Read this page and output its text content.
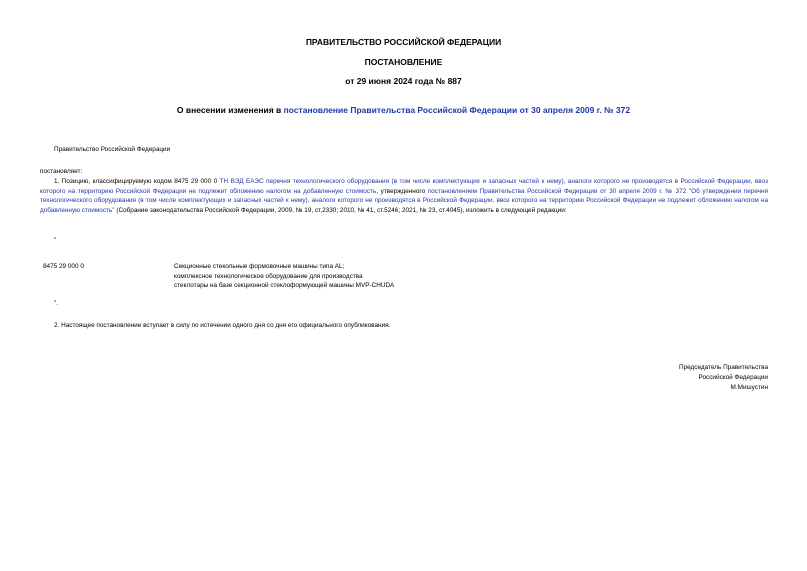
ПРАВИТЕЛЬСТВО РОССИЙСКОЙ ФЕДЕРАЦИИ
ПОСТАНОВЛЕНИЕ
от 29 июня 2024 года № 887
О внесении изменения в постановление Правительства Российской Федерации от 30 апреля 2009 г. № 372
Правительство Российской Федерации
постановляет:
1. Позицию, классифицируемую кодом 8475 29 000 0 ТН ВЭД ЕАЭС перечня технологического оборудования (в том числе комплектующих и запасных частей к нему), аналоги которого не производятся в Российской Федерации, ввоз которого на территорию Российской Федерации не подлежит обложению налогом на добавленную стоимость, утвержденного постановлением Правительства Российской Федерации от 30 апреля 2009 г. № 372 "Об утверждении перечня технологического оборудования (в том числе комплектующих и запасных частей к нему), аналоги которого не производятся в Российской Федерации, ввоз которого на территорию Российской Федерации не подлежит обложению налогом на добавленную стоимость" (Собрание законодательства Российской Федерации, 2009, № 19, ст.2330; 2010, № 41, ст.5246; 2021, № 23, ст.4045), изложить в следующей редакции:
"
8475 29 000 0	Секционные стекольные формовочные машины типа AL;
комплексное технологическое оборудование для производства
стеклотары на базе секционной стеклоформующей машины MVP-CHUDA
".
2. Настоящее постановление вступает в силу по истечении одного дня со дня его официального опубликования.
Председатель Правительства
Российской Федерации
М.Мишустин
